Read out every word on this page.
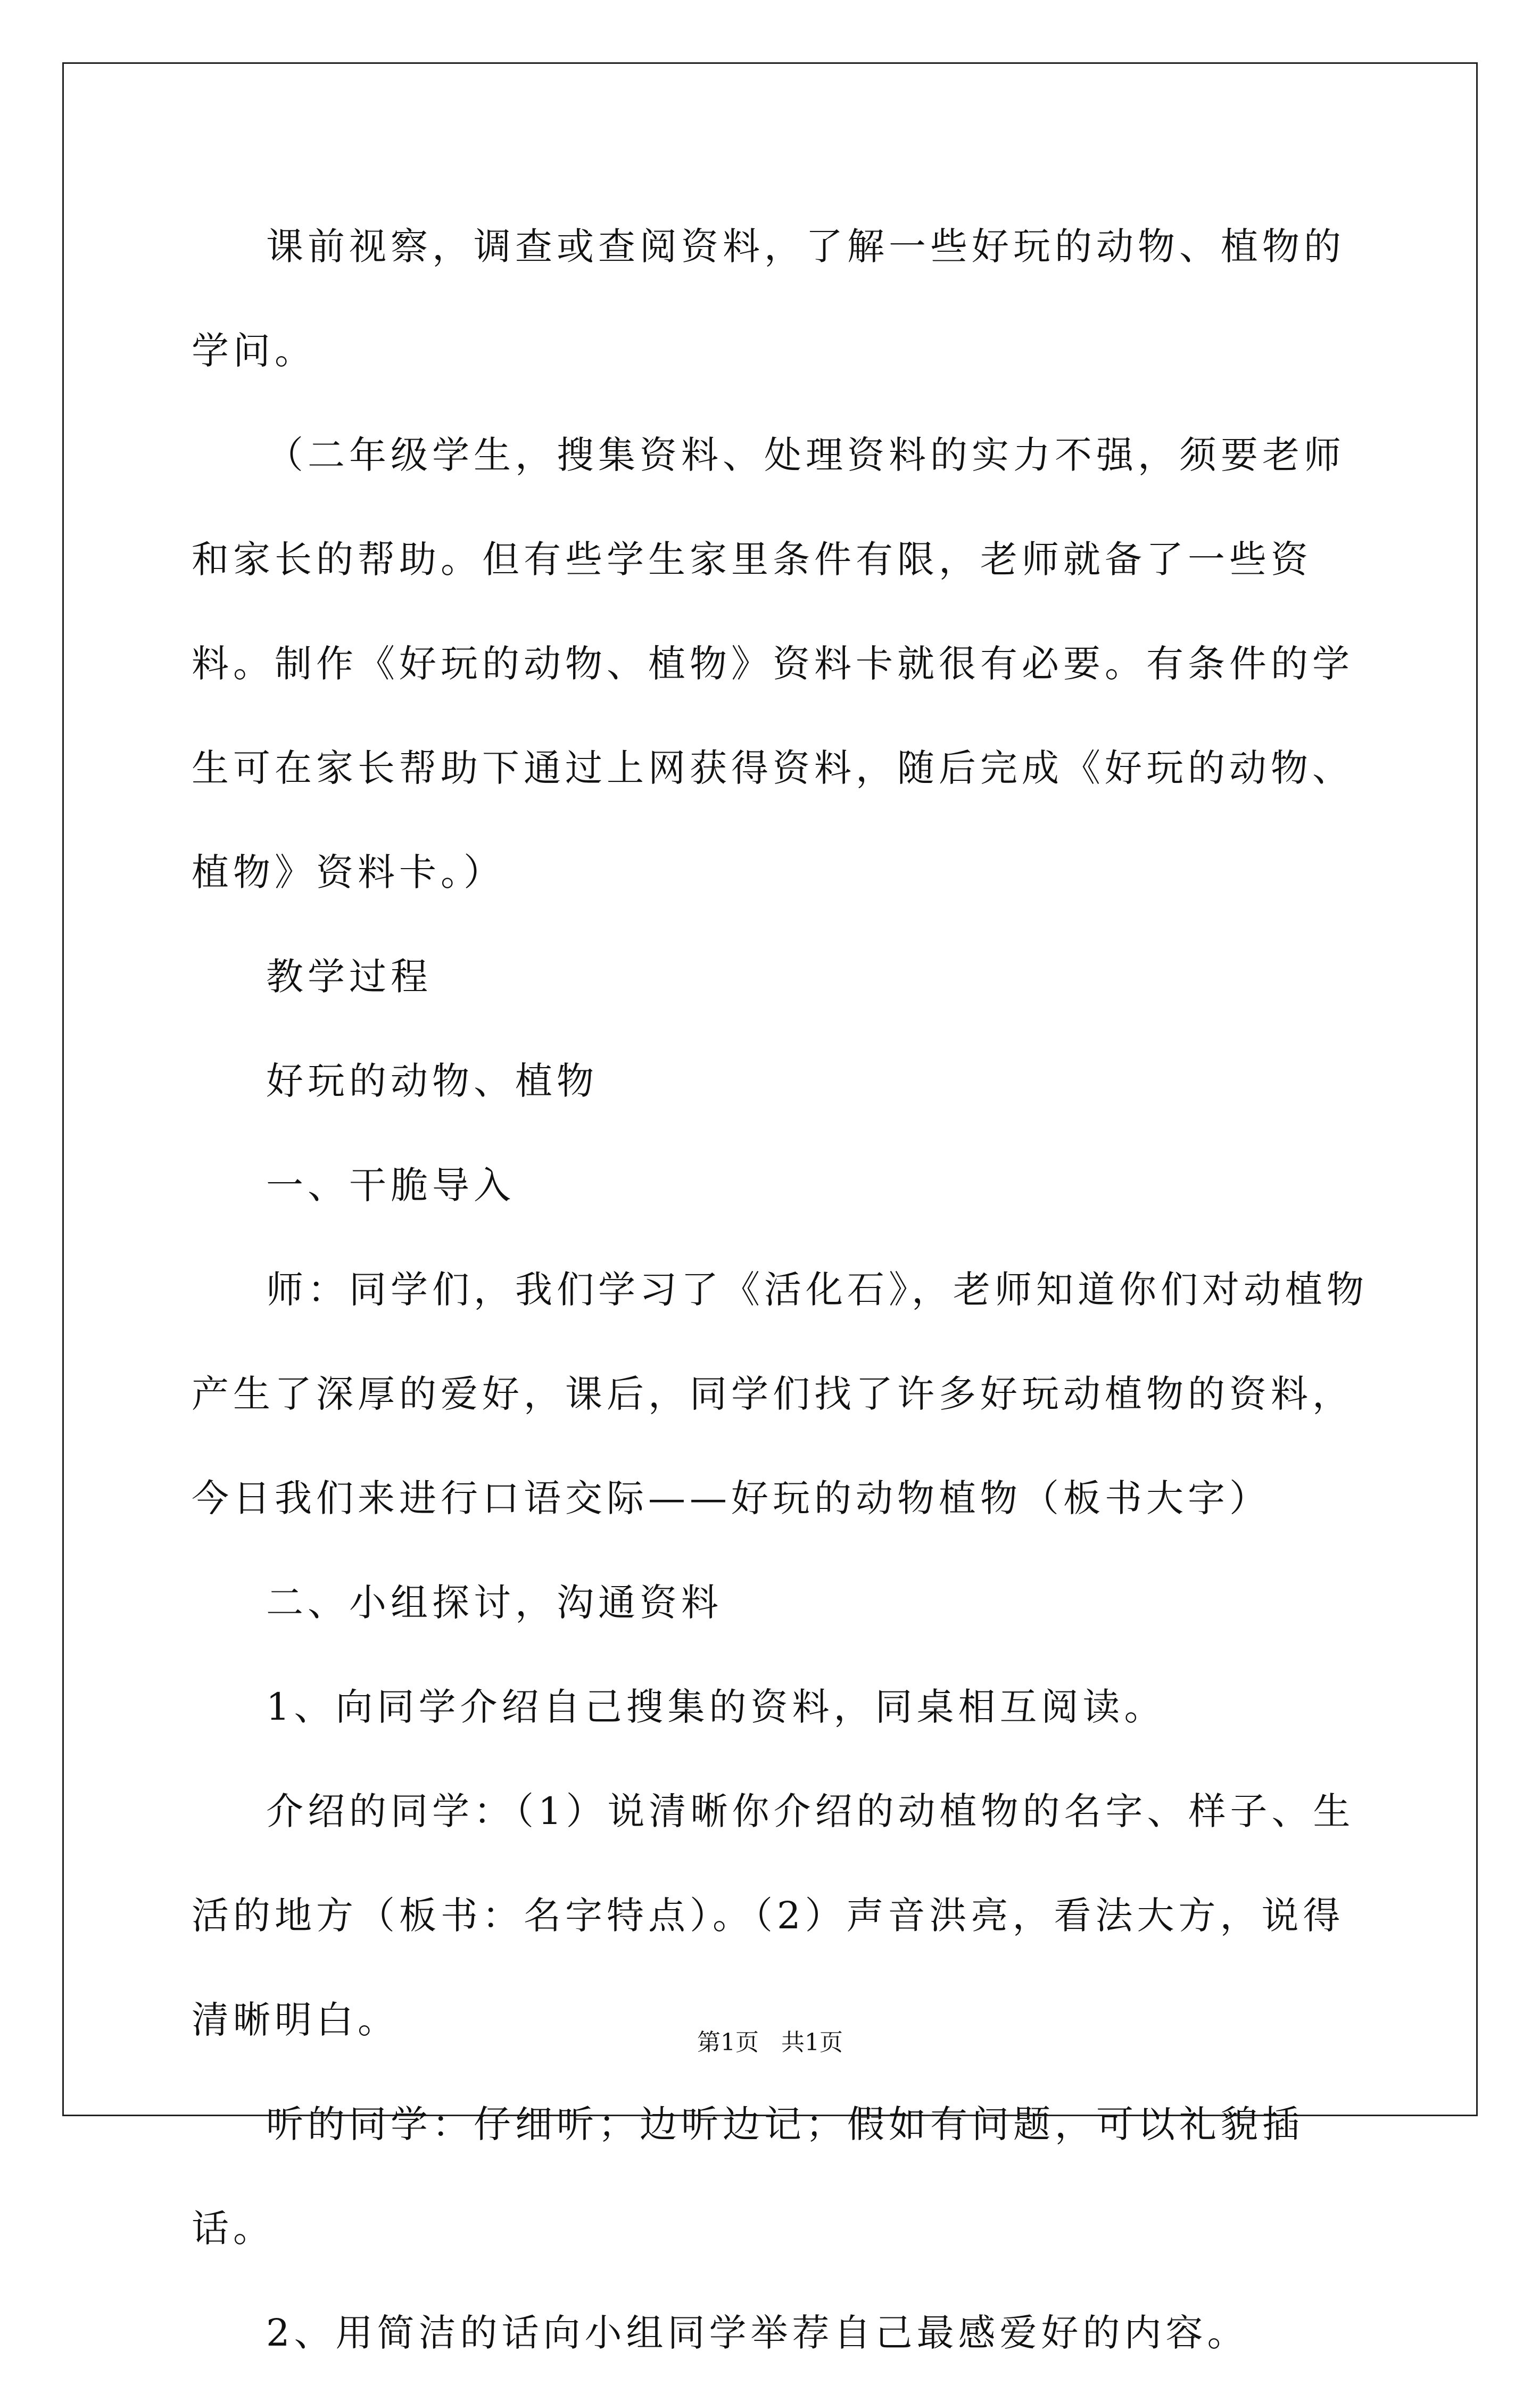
课前视察，调查或查阅资料，了解一些好玩的动物、植物的学问。

（二年级学生，搜集资料、处理资料的实力不强，须要老师和家长的帮助。但有些学生家里条件有限，老师就备了一些资料。制作《好玩的动物、植物》资料卡就很有必要。有条件的学生可在家长帮助下通过上网获得资料，随后完成《好玩的动物、植物》资料卡。）

教学过程

好玩的动物、植物

一、干脆导入

师：同学们，我们学习了《活化石》，老师知道你们对动植物产生了深厚的爱好，课后，同学们找了许多好玩动植物的资料，今日我们来进行口语交际——好玩的动物植物（板书大字）

二、小组探讨，沟通资料

1、向同学介绍自己搜集的资料，同桌相互阅读。

介绍的同学：（1）说清晰你介绍的动植物的名字、样子、生活的地方（板书：名字特点）。（2）声音洪亮，看法大方，说得清晰明白。

听的同学：仔细听；边听边记；假如有问题，可以礼貌插话。

2、用简洁的话向小组同学举荐自己最感爱好的内容。

第1页   共1页
